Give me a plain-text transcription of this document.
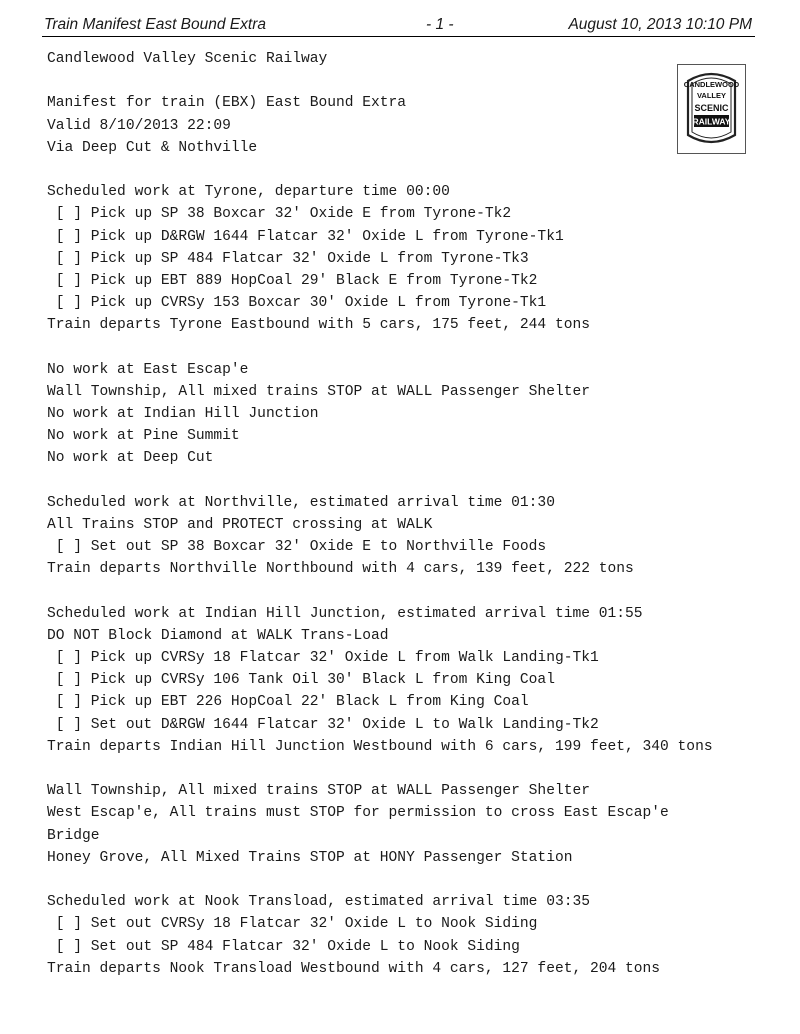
Train Manifest East Bound Extra	- 1 -	August 10, 2013 10:10 PM
CANDLEWOOD
VALLEY
SCENIC
RAILWAY
Candlewood Valley Scenic Railway
Manifest for train (EBX) East Bound Extra
Valid 8/10/2013 22:09
Via Deep Cut & Nothville
Scheduled work at Tyrone, departure time 00:00
[ ] Pick up SP 38 Boxcar 32' Oxide E from Tyrone-Tk2
[ ] Pick up D&RGW 1644 Flatcar 32' Oxide L from Tyrone-Tk1
[ ] Pick up SP 484 Flatcar 32' Oxide L from Tyrone-Tk3
[ ] Pick up EBT 889 HopCoal 29' Black E from Tyrone-Tk2
[ ] Pick up CVRSy 153 Boxcar 30' Oxide L from Tyrone-Tk1
Train departs Tyrone Eastbound with 5 cars, 175 feet, 244 tons
No work at East Escap'e
Wall Township, All mixed trains STOP at WALL Passenger Shelter
No work at Indian Hill Junction
No work at Pine Summit
No work at Deep Cut
Scheduled work at Northville, estimated arrival time 01:30
All Trains STOP and PROTECT crossing at WALK
[ ] Set out SP 38 Boxcar 32' Oxide E to Northville Foods
Train departs Northville Northbound with 4 cars, 139 feet, 222 tons
Scheduled work at Indian Hill Junction, estimated arrival time 01:55
DO NOT Block Diamond at WALK Trans-Load
[ ] Pick up CVRSy 18 Flatcar 32' Oxide L from Walk Landing-Tk1
[ ] Pick up CVRSy 106 Tank Oil 30' Black L from King Coal
[ ] Pick up EBT 226 HopCoal 22' Black L from King Coal
[ ] Set out D&RGW 1644 Flatcar 32' Oxide L to Walk Landing-Tk2
Train departs Indian Hill Junction Westbound with 6 cars, 199 feet, 340 tons
Wall Township, All mixed trains STOP at WALL Passenger Shelter
West Escap'e, All trains must STOP for permission to cross East Escap'e
Bridge
Honey Grove, All Mixed Trains STOP at HONY Passenger Station
Scheduled work at Nook Transload, estimated arrival time 03:35
[ ] Set out CVRSy 18 Flatcar 32' Oxide L to Nook Siding
[ ] Set out SP 484 Flatcar 32' Oxide L to Nook Siding
Train departs Nook Transload Westbound with 4 cars, 127 feet, 204 tons
